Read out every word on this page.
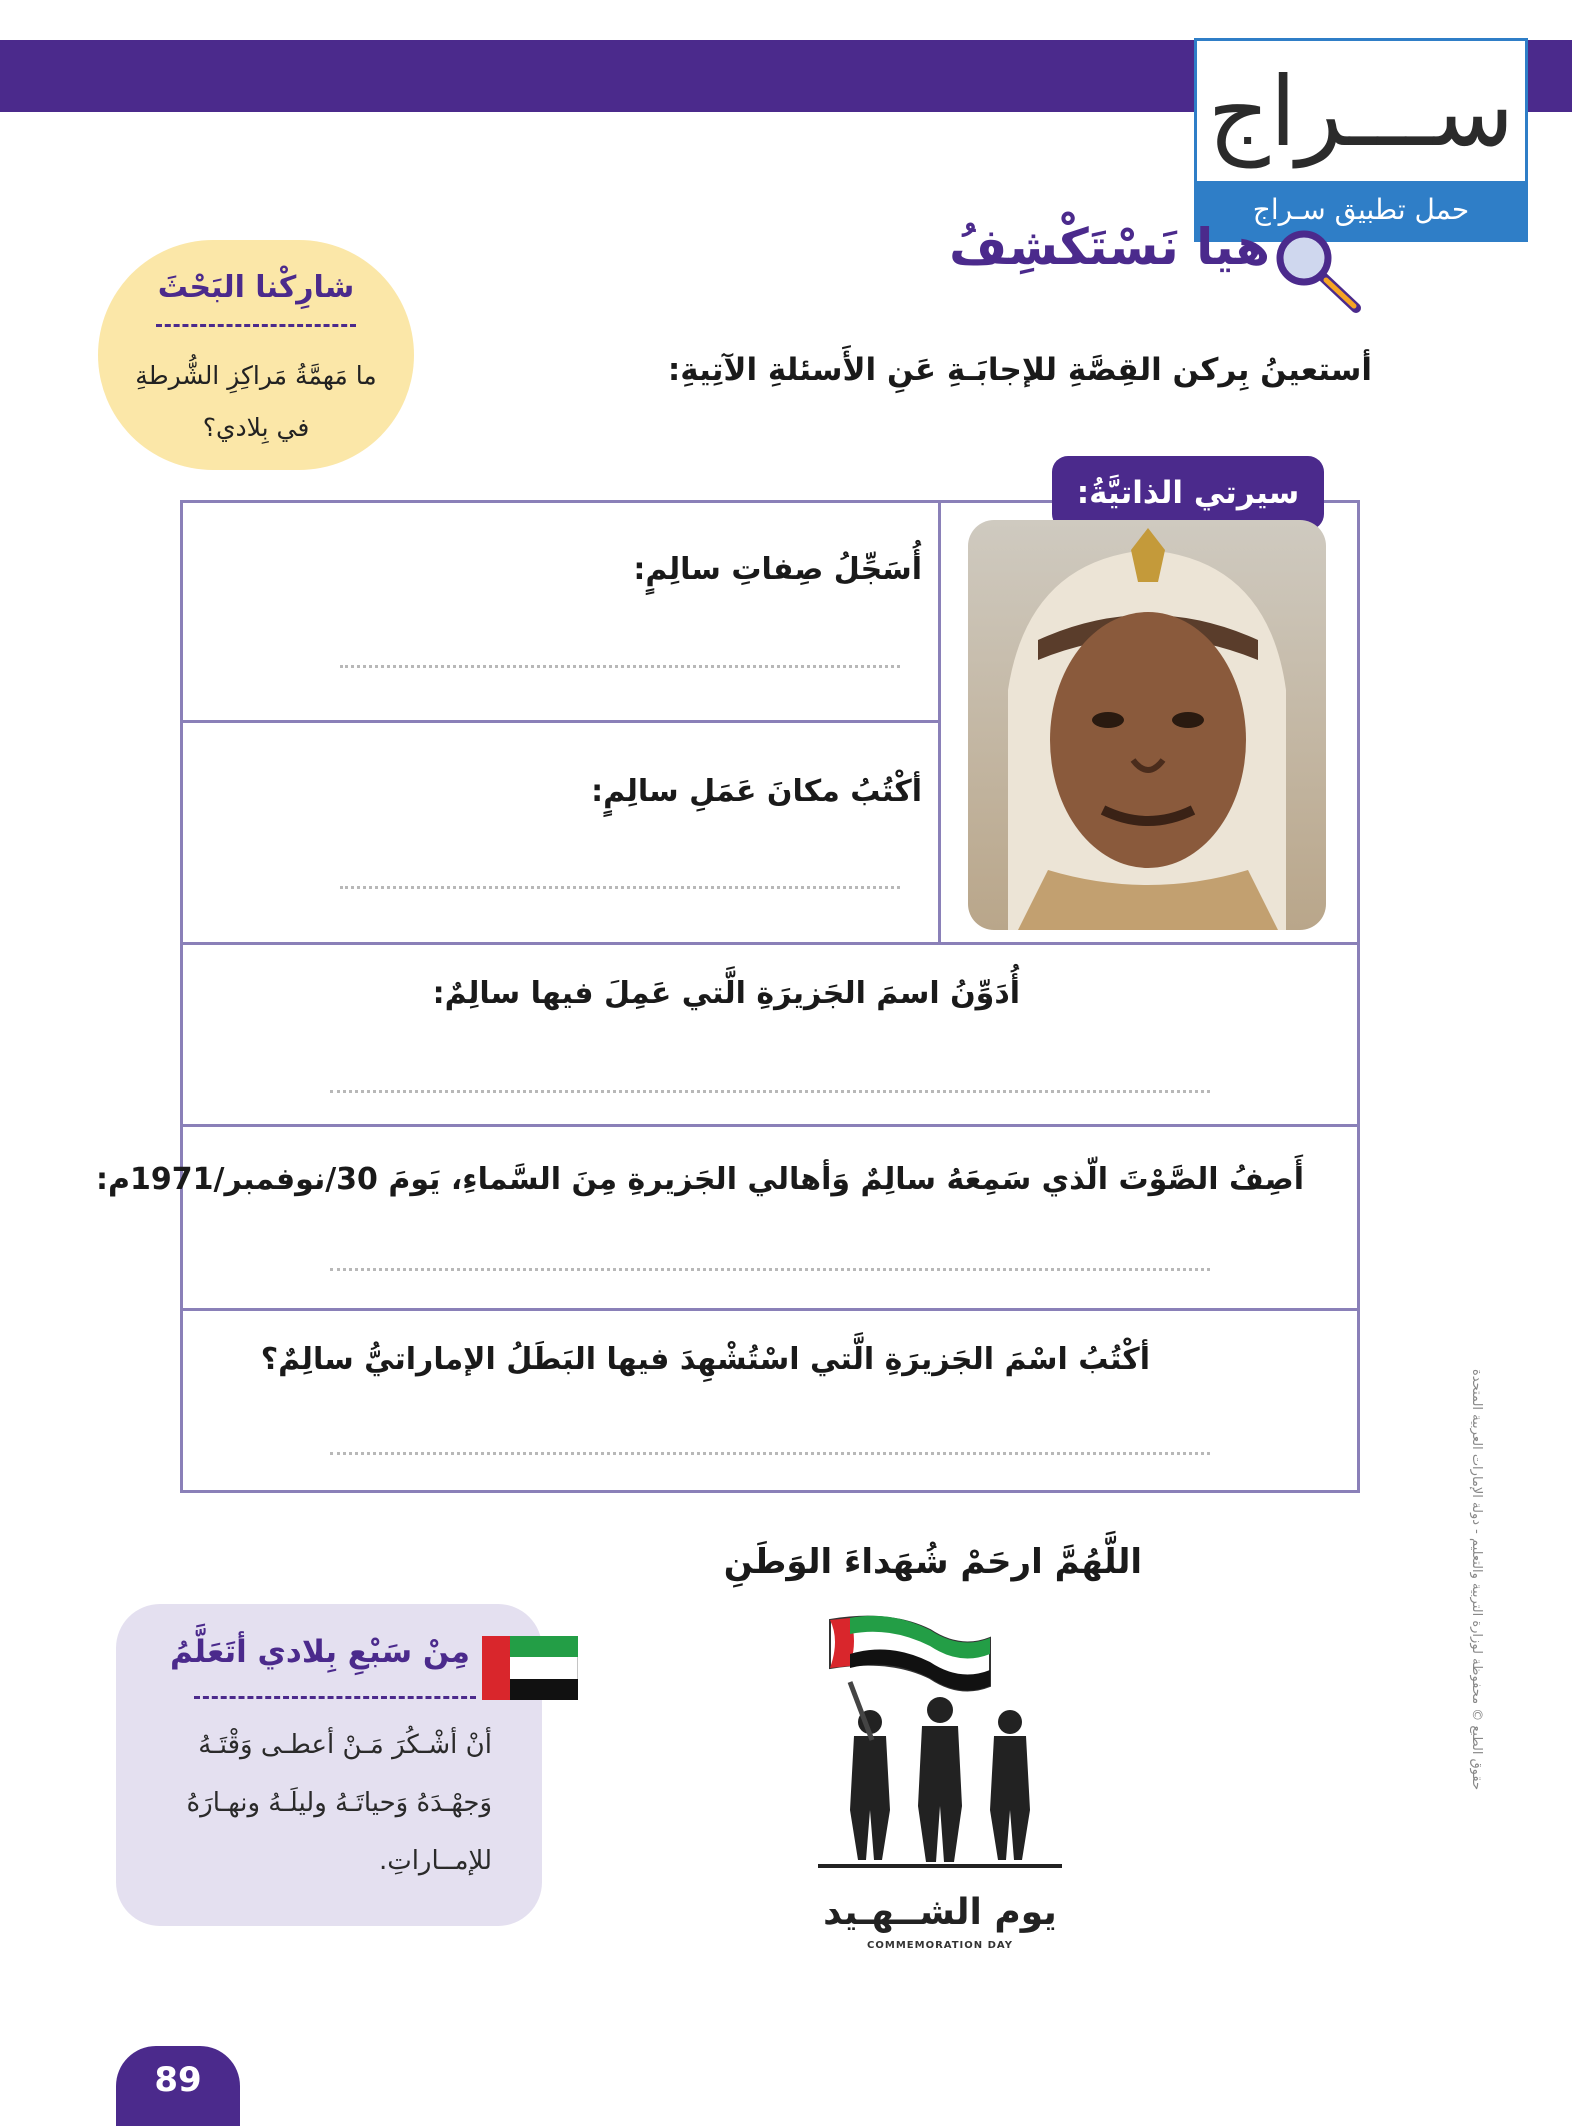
ســـراج
حمل تطبيق سـراج
هيا نَسْتَكْشِفُ
أستعينُ بِركن القِصَّةِ للإجابَـةِ عَنِ الأَسئلةِ الآتِيةِ:
شارِكْنا البَحْثَ
ما مَهمَّةُ مَراكِزِ الشُّرطةِ في بِلادي؟
سيرتي الذاتيَّةُ:
أُسَجِّلُ صِفاتِ سالِمٍ:
أكْتُبُ مكانَ عَمَلِ سالِمٍ:
أُدَوِّنُ اسمَ الجَزيرَةِ الَّتي عَمِلَ فيها سالِمٌ:
أَصِفُ الصَّوْتَ الّذي سَمِعَهُ سالِمٌ وَأهالي الجَزيرةِ مِنَ السَّماءِ، يَومَ 30/نوفمبر/1971م:
أكْتُبُ اسْمَ الجَزيرَةِ الَّتي اسْتُشْهِدَ فيها البَطَلُ الإماراتيُّ سالِمٌ؟
اللَّهُمَّ ارحَمْ شُهَداءَ الوَطَنِ
يوم الشــهـيد
COMMEMORATION DAY
مِنْ سَبْعِ بِلادي أتَعَلَّمُ
أنْ أشْـكُرَ مَـنْ أعطـى وَقْتَـهُ وَجهْـدَهُ وَحياتَـهُ وليلَـهُ ونهـارَهُ للإمــاراتِ.
حقوق الطبع © محفوظة لوزارة التربية والتعليم - دولة الإمارات العربية المتحدة
89
